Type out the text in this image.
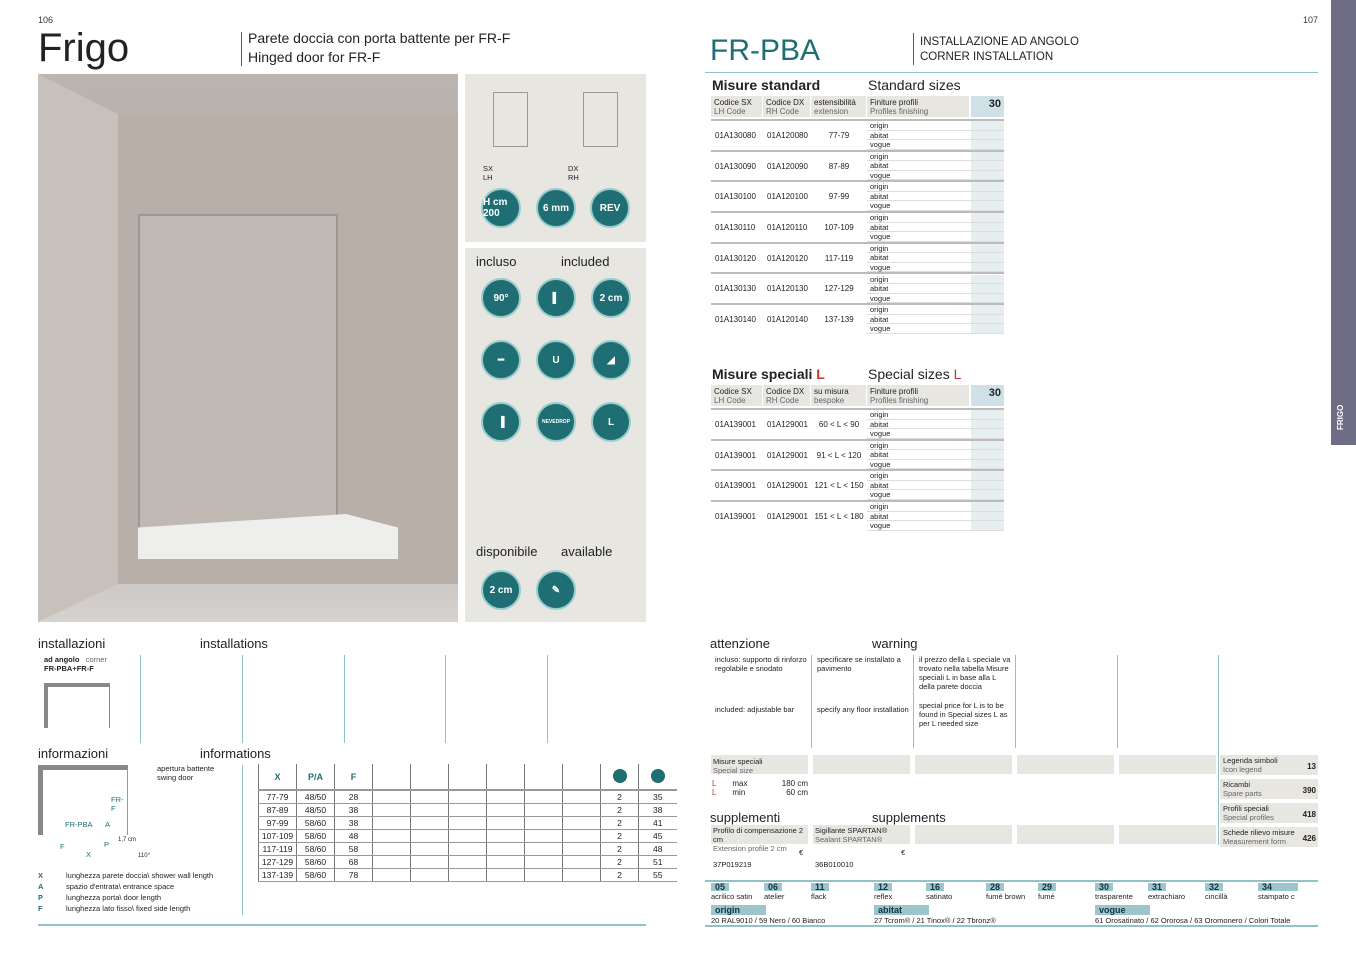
106
Frigo	Parete doccia con porta battente per FR-F
Hinged door for FR-F
SX
LH
DX
RH
H cm 200	6 mm	REV
incluso	included
90°	▌	2 cm
━	U	◢
▐	NEVEDROP	L
disponibile available
2 cm	✎
installazioni	installations
ad angolo corner
FR-PBA+FR-F
informazioni	informations
FR-F
FR-PBA A
F
X
P 1,7 cm
110°
apertura battente
swing door
X	lunghezza parete doccia\ shower wall length
A	spazio d'entrata\ entrance space
P	lunghezza porta\ door length
F	lunghezza lato fisso\ fixed side length
X	P/A	F								
77-79	48/50	28							2	35
87-89	48/50	38							2	38
97-99	58/60	38							2	41
107-109	58/60	48							2	45
117-119	58/60	58							2	48
127-129	58/60	68							2	51
137-139	58/60	78							2	55
107
FR-PBA	INSTALLAZIONE AD ANGOLO
CORNER INSTALLATION
FRIGO
Misure standard	Standard sizes
Codice SX
LH Code
Codice DX
RH Code
estensibilità
extension
Finiture profili
Profiles finishing
30
01A130080	01A120080	77-79
origin
abitat
vogue
01A130090	01A120090	87-89
origin
abitat
vogue
01A130100	01A120100	97-99
origin
abitat
vogue
01A130110	01A120110	107-109
origin
abitat
vogue
01A130120	01A120120	117-119
origin
abitat
vogue
01A130130	01A120130	127-129
origin
abitat
vogue
01A130140	01A120140	137-139
origin
abitat
vogue
Misure speciali L	Special sizes L
Codice SX
LH Code
Codice DX
RH Code
su misura
bespoke
Finiture profili
Profiles finishing
30
01A139001	01A129001	60 < L < 90
origin
abitat
vogue
01A139001	01A129001	91 < L < 120
origin
abitat
vogue
01A139001	01A129001 121 < L < 150
origin
abitat
vogue
01A139001	01A129001 151 < L < 180
origin
abitat
vogue
attenzione	warning
incluso: supporto di rinforzo regolabile e snodato
included: adjustable bar
specificare se installato a pavimento
specify any floor installation
il prezzo della L speciale va trovato nella tabella Misure speciali L in base alla L della parete doccia
special price for L is to be found in Special sizes L as per L needed size
Misure speciali
Special size
L max	180 cm
L min	60 cm
Legenda simboli
Icon legend	13
Ricambi
Spare parts	390
Profili speciali
Special profiles	418
Schede rilievo misure
Measurement form	426
supplementi	supplements
Profilo di compensazione 2 cm
Extension profile 2 cm	€
37P019219
Sigillante SPARTAN®
Sealant SPARTAN®
€
36B010010
05
acrilico satin
06
atelier
11
flack
12
reflex
16
satinato
28
fumé brown
29
fumé
30
trasparente
31
extrachiaro
32
cincillà
34
stampato c
origin
20 RAL9010 / 59 Nero / 60 Bianco
abitat
27 Tcrom® / 21 Tinox® / 22 Tbronz®
vogue
61 Orosatinato / 62 Ororosa / 63 Oromonero / Colori Totale
